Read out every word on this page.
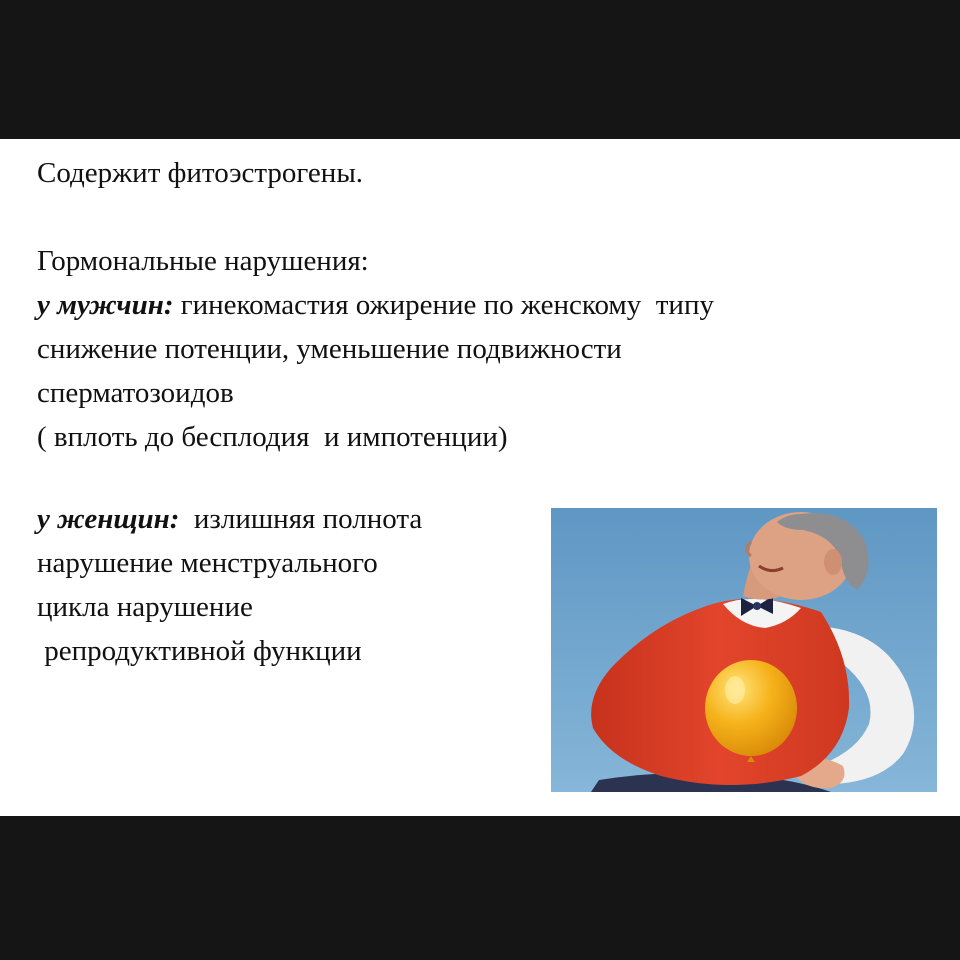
Содержит фитоэстрогены.
Гормональные нарушения:
у мужчин: гинекомастия ожирение по женскому  типу
снижение потенции, уменьшение подвижности
сперматозоидов
( вплоть до бесплодия  и импотенции)
у женщин:  излишняя полнота
нарушение менструального
цикла нарушение
репродуктивной функции
